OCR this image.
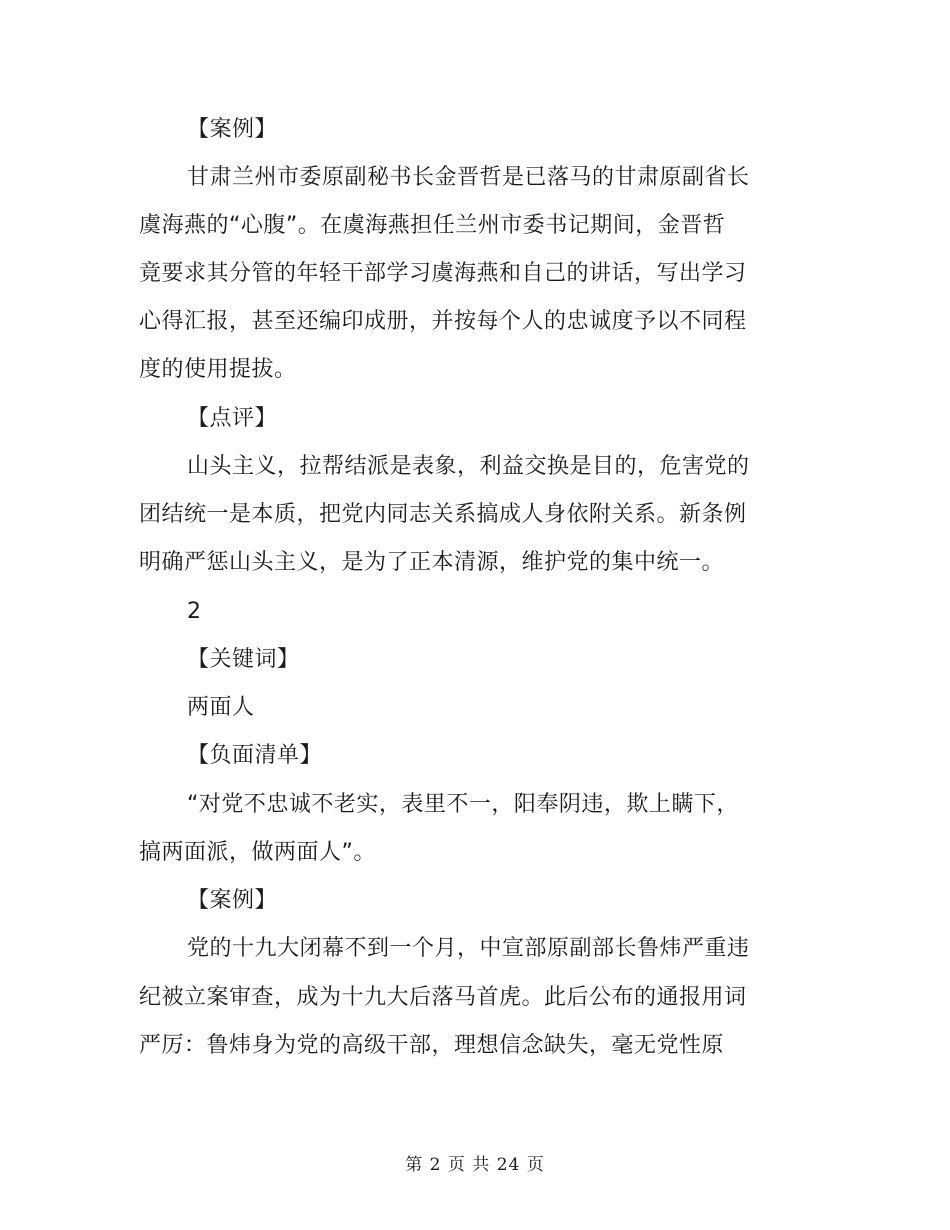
【案例】
甘肃兰州市委原副秘书长金晋哲是已落马的甘肃原副省长
虞海燕的“心腹”。在虞海燕担任兰州市委书记期间，金晋哲
竟要求其分管的年轻干部学习虞海燕和自己的讲话，写出学习
心得汇报，甚至还编印成册，并按每个人的忠诚度予以不同程
度的使用提拔。
【点评】
山头主义，拉帮结派是表象，利益交换是目的，危害党的
团结统一是本质，把党内同志关系搞成人身依附关系。新条例
明确严惩山头主义，是为了正本清源，维护党的集中统一。
2
【关键词】
两面人
【负面清单】
“对党不忠诚不老实，表里不一，阳奉阴违，欺上瞒下，
搞两面派，做两面人”。
【案例】
党的十九大闭幕不到一个月，中宣部原副部长鲁炜严重违
纪被立案审查，成为十九大后落马首虎。此后公布的通报用词
严厉：鲁炜身为党的高级干部，理想信念缺失，毫无党性原
第 2 页 共 24 页
